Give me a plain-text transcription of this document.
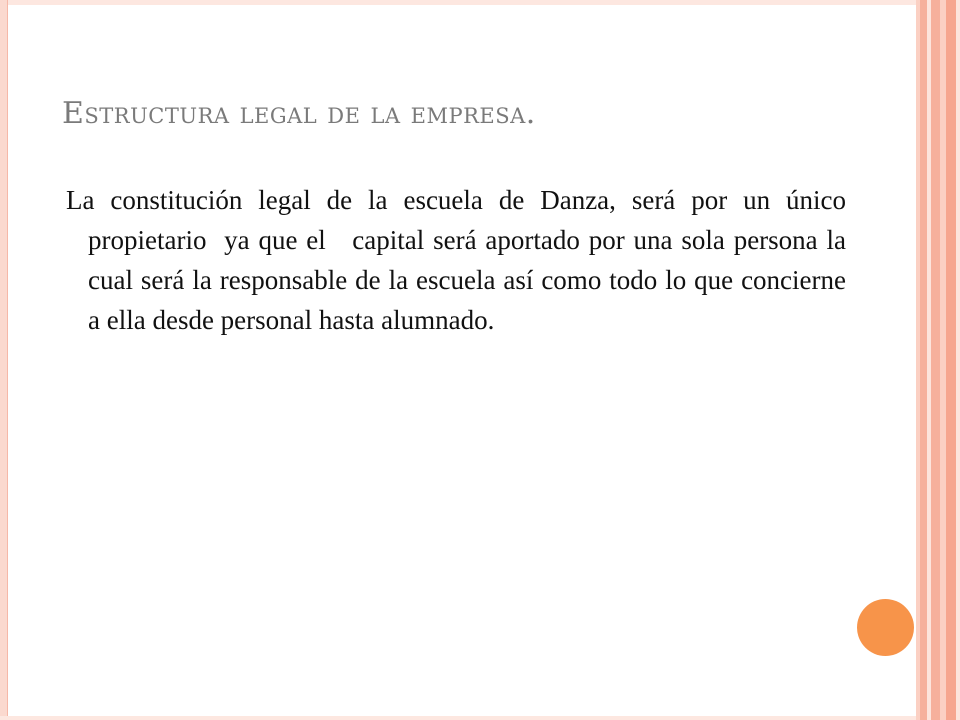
Estructura legal de la empresa.

La constitución legal de la escuela de Danza, será por un único propietario  ya que el   capital será aportado por una sola persona la cual será la responsable de la escuela así como todo lo que concierne  a ella desde personal hasta alumnado.
